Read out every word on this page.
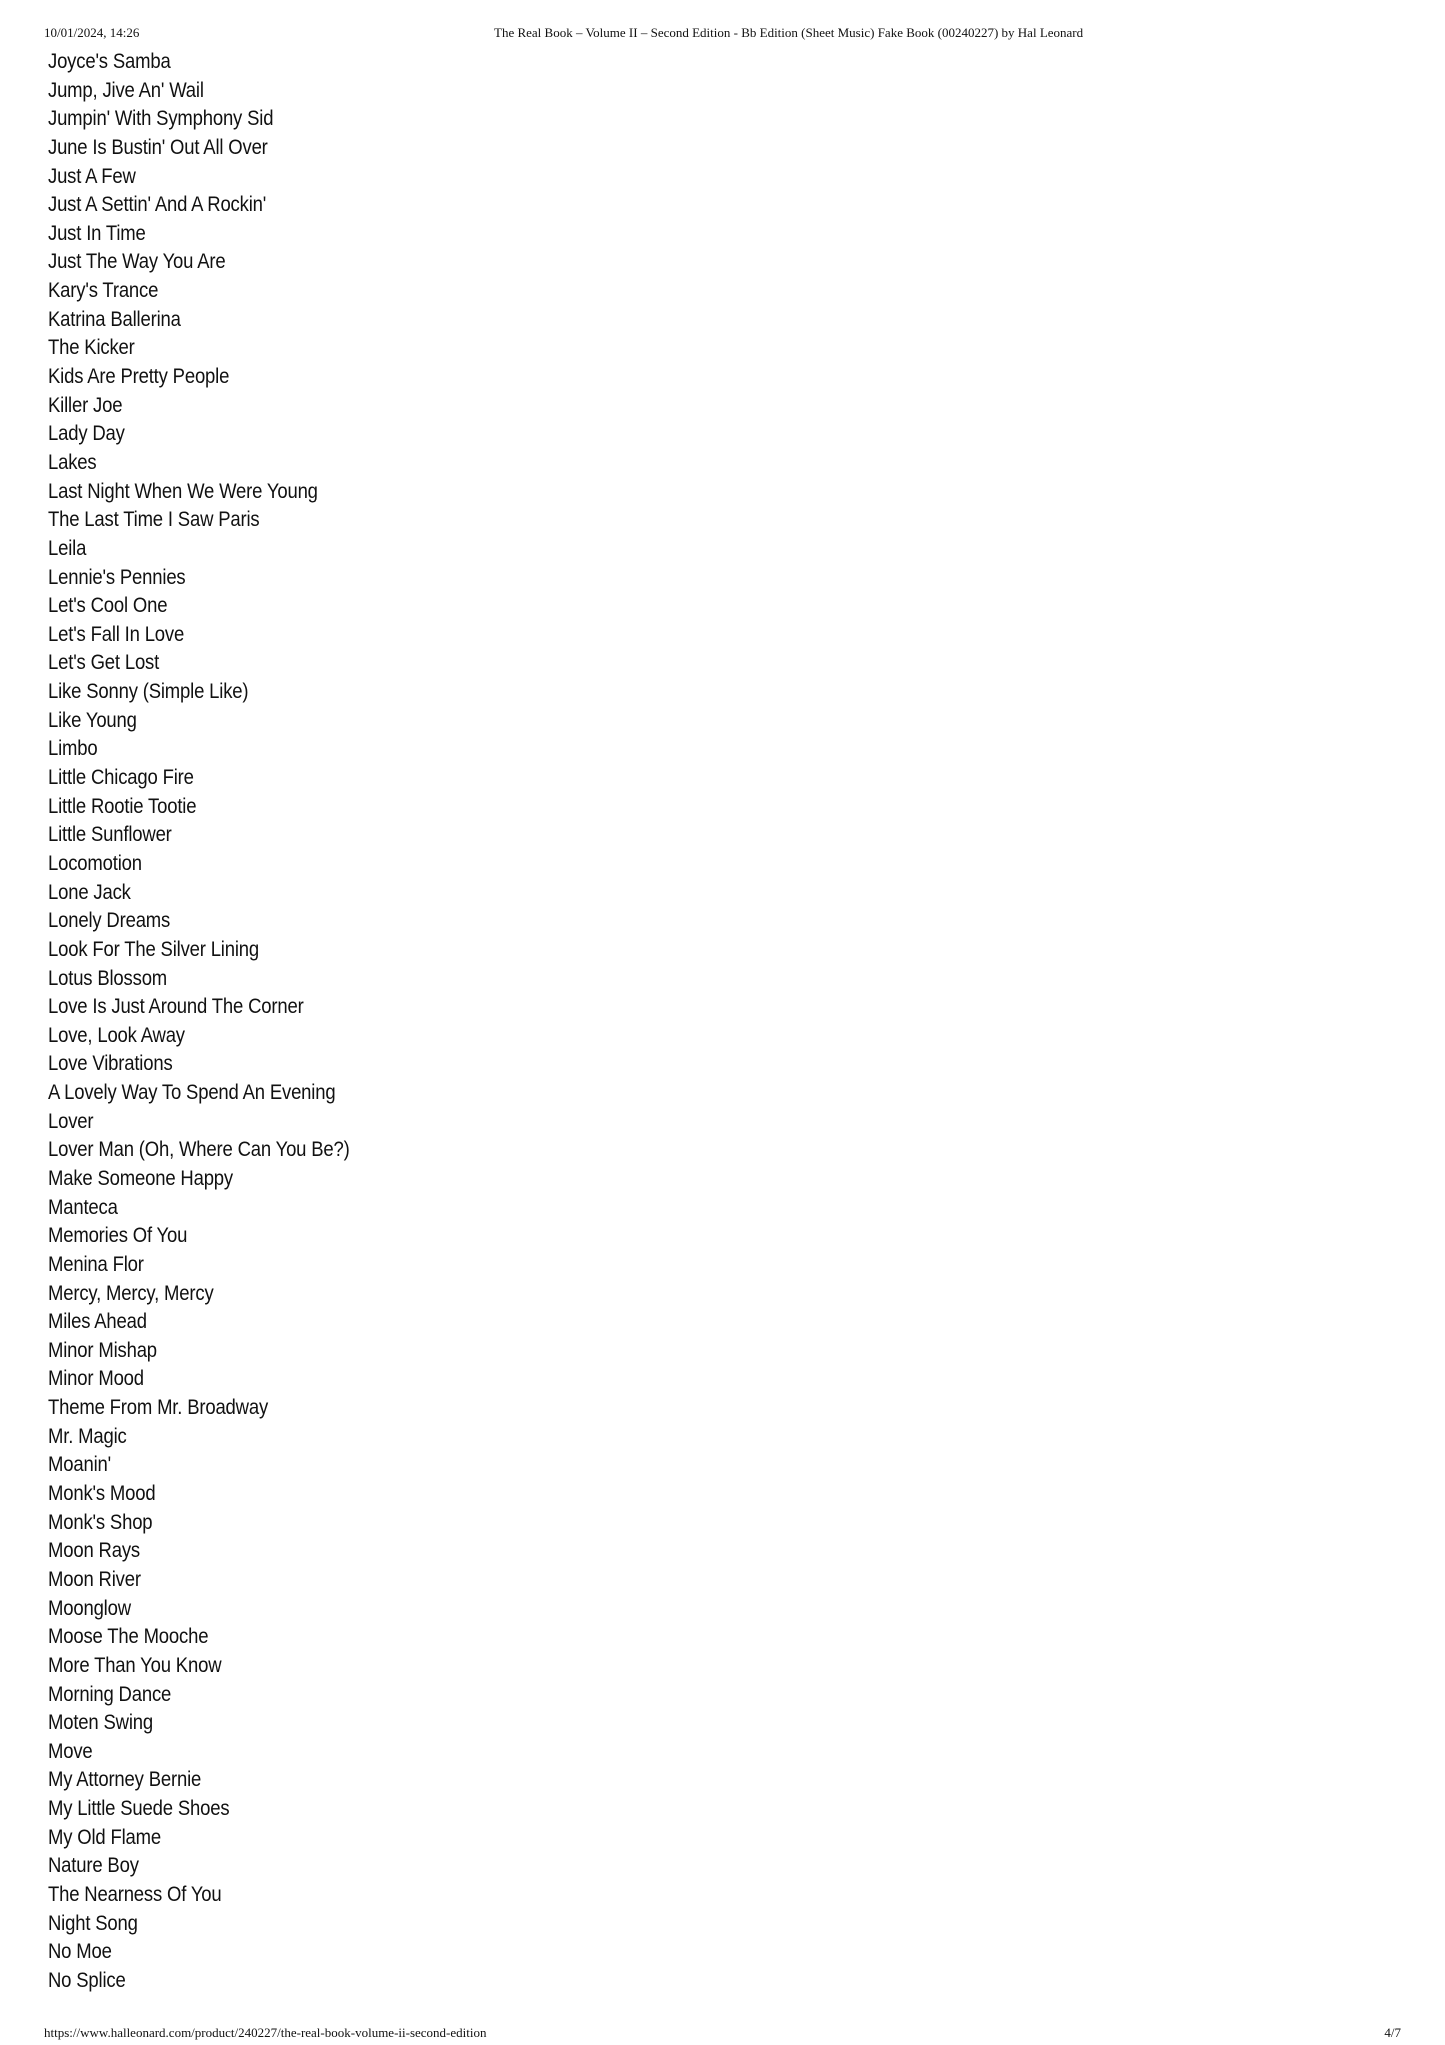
10/01/2024, 14:26	The Real Book – Volume II – Second Edition - Bb Edition (Sheet Music) Fake Book (00240227) by Hal Leonard
Joyce's Samba
Jump, Jive An' Wail
Jumpin' With Symphony Sid
June Is Bustin' Out All Over
Just A Few
Just A Settin' And A Rockin'
Just In Time
Just The Way You Are
Kary's Trance
Katrina Ballerina
The Kicker
Kids Are Pretty People
Killer Joe
Lady Day
Lakes
Last Night When We Were Young
The Last Time I Saw Paris
Leila
Lennie's Pennies
Let's Cool One
Let's Fall In Love
Let's Get Lost
Like Sonny (Simple Like)
Like Young
Limbo
Little Chicago Fire
Little Rootie Tootie
Little Sunflower
Locomotion
Lone Jack
Lonely Dreams
Look For The Silver Lining
Lotus Blossom
Love Is Just Around The Corner
Love, Look Away
Love Vibrations
A Lovely Way To Spend An Evening
Lover
Lover Man (Oh, Where Can You Be?)
Make Someone Happy
Manteca
Memories Of You
Menina Flor
Mercy, Mercy, Mercy
Miles Ahead
Minor Mishap
Minor Mood
Theme From Mr. Broadway
Mr. Magic
Moanin'
Monk's Mood
Monk's Shop
Moon Rays
Moon River
Moonglow
Moose The Mooche
More Than You Know
Morning Dance
Moten Swing
Move
My Attorney Bernie
My Little Suede Shoes
My Old Flame
Nature Boy
The Nearness Of You
Night Song
No Moe
No Splice
https://www.halleonard.com/product/240227/the-real-book-volume-ii-second-edition	4/7
